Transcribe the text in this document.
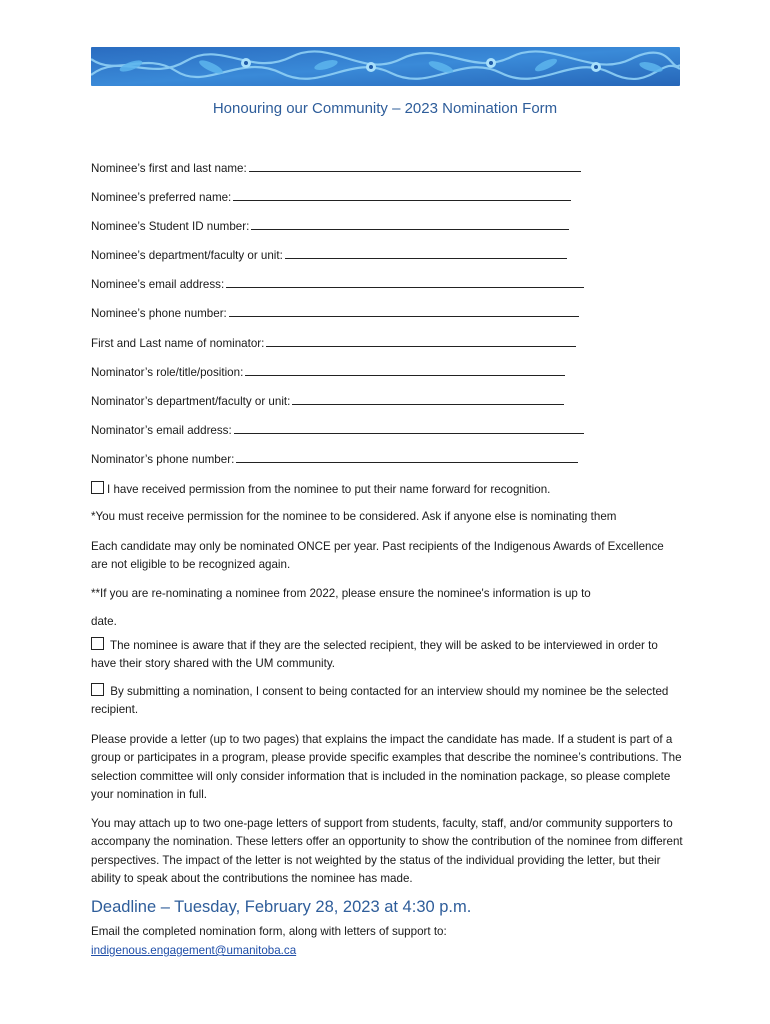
Honouring our Community – 2023 Nomination Form
Nominee’s first and last name:
Nominee’s preferred name:
Nominee’s Student ID number:
Nominee’s department/faculty or unit:
Nominee’s email address:
Nominee’s phone number:
First and Last name of nominator:
Nominator’s role/title/position:
Nominator’s department/faculty or unit:
Nominator’s email address:
Nominator’s phone number:
I have received permission from the nominee to put their name forward for recognition.

*You must receive permission for the nominee to be considered. Ask if anyone else is nominating them

Each candidate may only be nominated ONCE per year. Past recipients of the Indigenous Awards of Excellence are not eligible to be recognized again.

**If you are re-nominating a nominee from 2022, please ensure the nominee's information is up to

date.

The nominee is aware that if they are the selected recipient, they will be asked to be interviewed in order to have their story shared with the UM community.
By submitting a nomination, I consent to being contacted for an interview should my nominee be the selected recipient.

Please provide a letter (up to two pages) that explains the impact the candidate has made. If a student is part of a group or participates in a program, please provide specific examples that describe the nominee’s contributions. The selection committee will only consider information that is included in the nomination package, so please complete your nomination in full.

You may attach up to two one-page letters of support from students, faculty, staff, and/or community supporters to accompany the nomination. These letters offer an opportunity to show the contribution of the nominee from different perspectives. The impact of the letter is not weighted by the status of the individual providing the letter, but their ability to speak about the contributions the nominee has made.

Deadline – Tuesday, February 28, 2023 at 4:30 p.m.

Email the completed nomination form, along with letters of support to:

indigenous.engagement@umanitoba.ca
